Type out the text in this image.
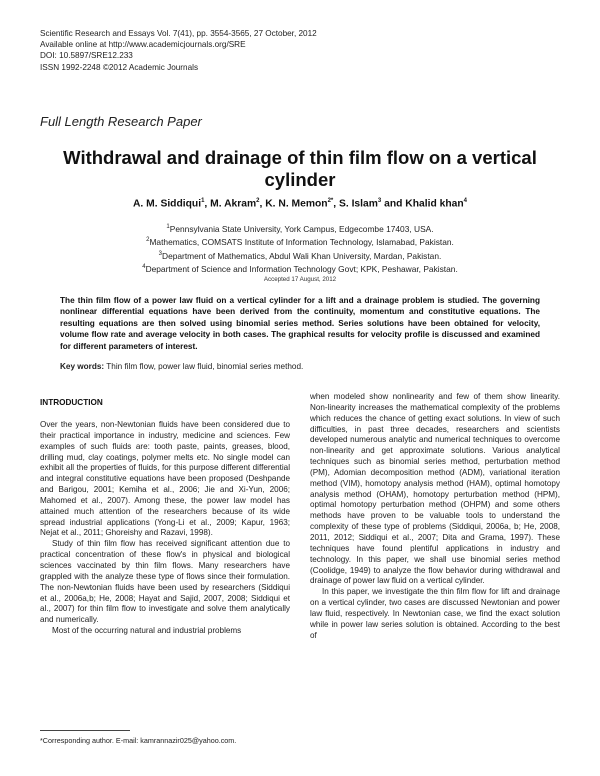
Scientific Research and Essays Vol. 7(41), pp. 3554-3565, 27 October, 2012
Available online at http://www.academicjournals.org/SRE
DOI: 10.5897/SRE12.233
ISSN 1992-2248 ©2012 Academic Journals
Full Length Research Paper
Withdrawal and drainage of thin film flow on a vertical cylinder
A. M. Siddiqui$^1$, M. Akram$^2$, K. N. Memon$^{2*}$, S. Islam$^3$ and Khalid khan$^4$
$^1$Pennsylvania State University, York Campus, Edgecombe 17403, USA.
$^2$Mathematics, COMSATS Institute of Information Technology, Islamabad, Pakistan.
$^3$Department of Mathematics, Abdul Wali Khan University, Mardan, Pakistan.
$^4$Department of Science and Information Technology Govt; KPK, Peshawar, Pakistan.
Accepted 17 August, 2012
The thin film flow of a power law fluid on a vertical cylinder for a lift and a drainage problem is studied. The governing nonlinear differential equations have been derived from the continuity, momentum and constitutive equations. The resulting equations are then solved using binomial series method. Series solutions have been obtained for velocity, volume flow rate and average velocity in both cases. The graphical results for velocity profile is discussed and examined for different parameters of interest.
Key words: Thin film flow, power law fluid, binomial series method.
INTRODUCTION

Over the years, non-Newtonian fluids have been considered due to their practical importance in industry, medicine and sciences. Few examples of such fluids are: tooth paste, paints, greases, blood, drilling mud, clay coatings, polymer melts etc. No single model can exhibit all the properties of fluids, for this purpose different differential and integral constitutive equations have been proposed (Deshpande and Barigou, 2001; Kemiha et al., 2006; Jie and Xi-Yun, 2006; Mahomed et al., 2007). Among these, the power law model has attained much attention of the researchers because of its wide spread industrial applications (Yong-Li et al., 2009; Kapur, 1963; Nejat et al., 2011; Ghoreishy and Razavi, 1998).

Study of thin film flow has received significant attention due to practical concentration of these flow's in physical and biological sciences vaccinated by thin film flows. Many researchers have grappled with the analyze these type of flows since their formulation. The non-Newtonian fluids have been used by researchers (Siddiqui et al., 2006a,b; He, 2008; Hayat and Sajid, 2007, 2008; Siddiqui et al., 2007) for thin film flow to investigate and solve them analytically and numerically.

Most of the occurring natural and industrial problems

when modeled show nonlinearity and few of them show linearity. Non-linearity increases the mathematical complexity of the problems which reduces the chance of getting exact solutions. In view of such difficulties, in past three decades, researchers and scientists developed numerous analytic and numerical techniques to overcome non-linearity and get approximate solutions. Various analytical techniques such as binomial series method, perturbation method (PM), Adomian decomposition method (ADM), variational iteration method (VIM), homotopy analysis method (HAM), optimal homotopy analysis method (OHAM), homotopy perturbation method (HPM), optimal homotopy perturbation method (OHPM) and some others methods have proven to be valuable tools to understand the complexity of these type of problems (Siddiqui, 2006a, b; He, 2008, 2011, 2012; Siddiqui et al., 2007; Dita and Grama, 1997). These techniques have found plentiful applications in industry and technology. In this paper, we shall use binomial series method (Coolidge, 1949) to analyze the flow behavior during withdrawal and drainage of power law fluid on a vertical cylinder.

In this paper, we investigate the thin film flow for lift and drainage on a vertical cylinder, two cases are discussed Newtonian and power law fluid, respectively. In Newtonian case, we find the exact solution while in power law series solution is obtained. According to the best of

*Corresponding author. E-mail: kamrannazir025@yahoo.com.
